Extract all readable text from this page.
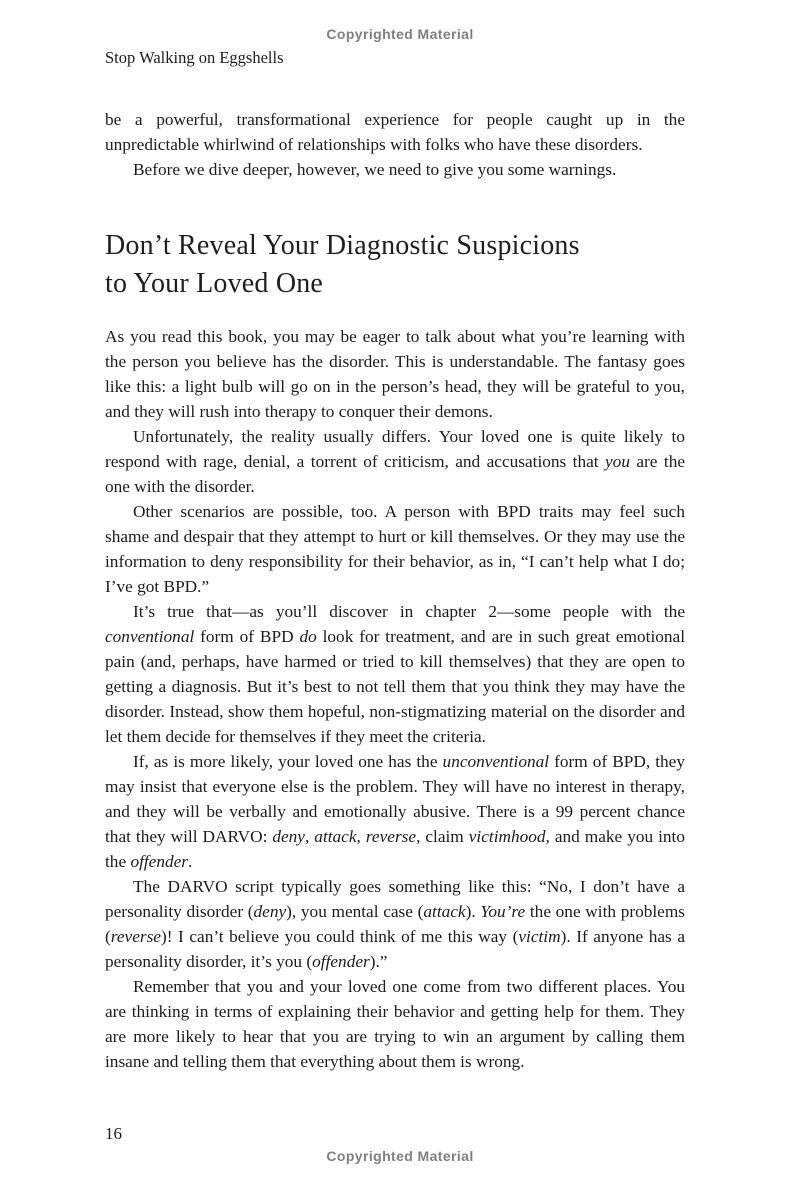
Copyrighted Material
Stop Walking on Eggshells

be a powerful, transformational experience for people caught up in the unpredictable whirlwind of relationships with folks who have these disorders.

Before we dive deeper, however, we need to give you some warnings.

Don’t Reveal Your Diagnostic Suspicions
to Your Loved One

As you read this book, you may be eager to talk about what you’re learning with the person you believe has the disorder. This is understandable. The fantasy goes like this: a light bulb will go on in the person’s head, they will be grateful to you, and they will rush into therapy to conquer their demons.

Unfortunately, the reality usually differs. Your loved one is quite likely to respond with rage, denial, a torrent of criticism, and accusations that you are the one with the disorder.

Other scenarios are possible, too. A person with BPD traits may feel such shame and despair that they attempt to hurt or kill themselves. Or they may use the information to deny responsibility for their behavior, as in, “I can’t help what I do; I’ve got BPD.”

It’s true that—as you’ll discover in chapter 2—some people with the conventional form of BPD do look for treatment, and are in such great emotional pain (and, perhaps, have harmed or tried to kill themselves) that they are open to getting a diagnosis. But it’s best to not tell them that you think they may have the disorder. Instead, show them hopeful, non-stigmatizing material on the disorder and let them decide for themselves if they meet the criteria.

If, as is more likely, your loved one has the unconventional form of BPD, they may insist that everyone else is the problem. They will have no interest in therapy, and they will be verbally and emotionally abusive. There is a 99 percent chance that they will DARVO: deny, attack, reverse, claim victimhood, and make you into the offender.

The DARVO script typically goes something like this: “No, I don’t have a personality disorder (deny), you mental case (attack). You’re the one with problems (reverse)! I can’t believe you could think of me this way (victim). If anyone has a personality disorder, it’s you (offender).”

Remember that you and your loved one come from two different places. You are thinking in terms of explaining their behavior and getting help for them. They are more likely to hear that you are trying to win an argument by calling them insane and telling them that everything about them is wrong.

16
Copyrighted Material
